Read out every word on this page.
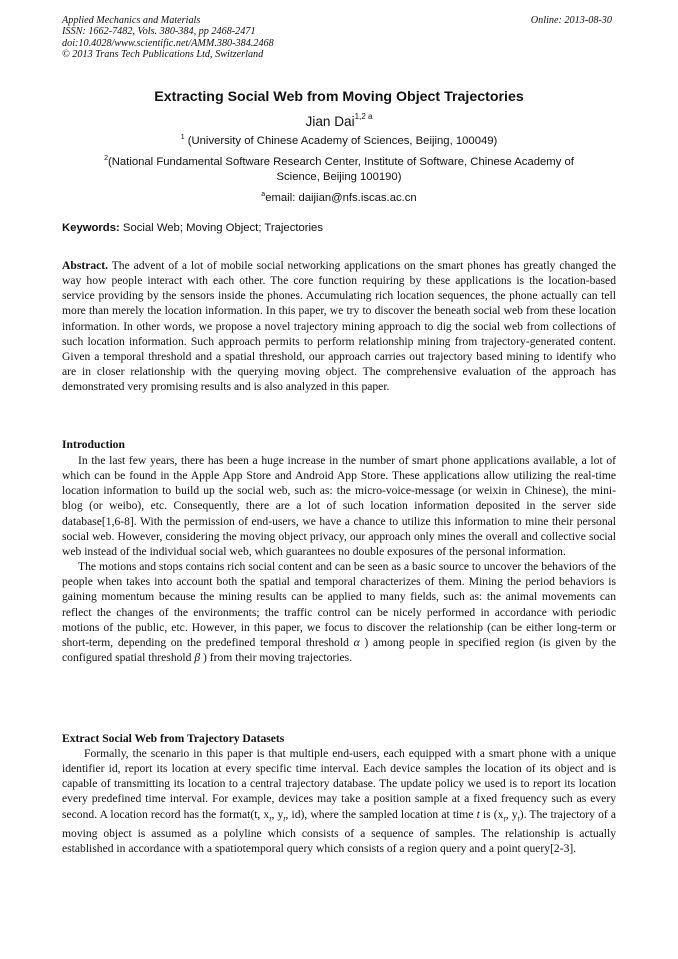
Applied Mechanics and Materials
ISSN: 1662-7482, Vols. 380-384, pp 2468-2471
doi:10.4028/www.scientific.net/AMM.380-384.2468
© 2013 Trans Tech Publications Ltd, Switzerland
Online: 2013-08-30
Extracting Social Web from Moving Object Trajectories
Jian Dai$^{1,2 a}$
$^1$ (University of Chinese Academy of Sciences, Beijing, 100049)
$^2$(National Fundamental Software Research Center, Institute of Software, Chinese Academy of
Science, Beijing 100190)
$^a$email: daijian@nfs.iscas.ac.cn
Keywords: Social Web; Moving Object; Trajectories

Abstract. The advent of a lot of mobile social networking applications on the smart phones has greatly changed the way how people interact with each other. The core function requiring by these applications is the location-based service providing by the sensors inside the phones. Accumulating rich location sequences, the phone actually can tell more than merely the location information. In this paper, we try to discover the beneath social web from these location information. In other words, we propose a novel trajectory mining approach to dig the social web from collections of such location information. Such approach permits to perform relationship mining from trajectory-generated content. Given a temporal threshold and a spatial threshold, our approach carries out trajectory based mining to identify who are in closer relationship with the querying moving object. The comprehensive evaluation of the approach has demonstrated very promising results and is also analyzed in this paper.

Introduction

In the last few years, there has been a huge increase in the number of smart phone applications available, a lot of which can be found in the Apple App Store and Android App Store. These applications allow utilizing the real-time location information to build up the social web, such as: the micro-voice-message (or weixin in Chinese), the mini-blog (or weibo), etc. Consequently, there are a lot of such location information deposited in the server side database[1,6-8]. With the permission of end-users, we have a chance to utilize this information to mine their personal social web. However, considering the moving object privacy, our approach only mines the overall and collective social web instead of the individual social web, which guarantees no double exposures of the personal information.

The motions and stops contains rich social content and can be seen as a basic source to uncover the behaviors of the people when takes into account both the spatial and temporal characterizes of them. Mining the period behaviors is gaining momentum because the mining results can be applied to many fields, such as: the animal movements can reflect the changes of the environments; the traffic control can be nicely performed in accordance with periodic motions of the public, etc. However, in this paper, we focus to discover the relationship (can be either long-term or short-term, depending on the predefined temporal threshold α ) among people in specified region (is given by the configured spatial threshold β ) from their moving trajectories.

Extract Social Web from Trajectory Datasets

Formally, the scenario in this paper is that multiple end-users, each equipped with a smart phone with a unique identifier id, report its location at every specific time interval. Each device samples the location of its object and is capable of transmitting its location to a central trajectory database. The update policy we used is to report its location every predefined time interval. For example, devices may take a position sample at a fixed frequency such as every second. A location record has the format(t, $x_t$, $y_t$, id), where the sampled location at time t is ($x_t$, $y_t$). The trajectory of a moving object is assumed as a polyline which consists of a sequence of samples. The relationship is actually established in accordance with a spatiotemporal query which consists of a region query and a point query[2-3].
